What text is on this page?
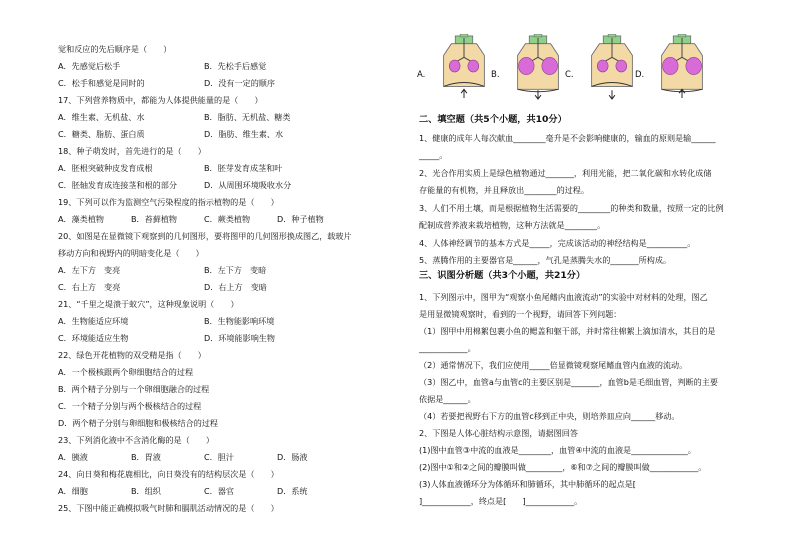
觉和反应的先后顺序是（　　）
17、下列营养物质中，都能为人体提供能量的是（　　）
18、种子萌发时，首先进行的是（　　）
19、下列可以作为监测空气污染程度的指示植物的是（　　）
20、如图是在显微镜下观察到的几何图形，要将图甲的几何图形换成图乙，载玻片
移动方向和视野内的明暗变化是（　　）
21、“千里之堤溃于蚁穴”，这种现象说明（　　）
22、绿色开花植物的双受精是指（　　）
23、下列消化液中不含消化酶的是（　　）
24、向日葵和梅花鹿相比，向日葵没有的结构层次是（　　）
25、下图中能正确模拟吸气时肺和膈肌活动情况的是（　　）
A．先感觉后松手	B．先松手后感觉
C．松手和感觉是同时的	D．没有一定的顺序
A．维生素、无机盐、水	B．脂肪、无机盐、糖类
C．糖类、脂肪、蛋白质	D．脂肪、维生素、水
A．胚根突破种皮发育成根	B．胚芽发育成茎和叶
C．胚轴发育成连接茎和根的部分	D．从周围环境吸收水分
A．藻类植物	B．苔藓植物	C．蕨类植物	D．种子植物
A．左下方　变亮	B．左下方　变暗
C．右上方　变亮	D．右上方　变暗
A．生物能适应环境	B．生物能影响环境
C．环境能适应生物	D．环境能影响生物
A．一个极核跟两个卵细胞结合的过程
B．两个精子分别与一个卵细胞融合的过程
C．一个精子分别与两个极核结合的过程
D．两个精子分别与卵细胞和极核结合的过程
A．胰液	B．胃液	C．胆汁	D．肠液
A．细胞	B．组织	C．器官	D．系统
A.	B.	C.	D.
二、填空题（共5个小题，共10分）
三、识图分析题（共3个小题，共21分）
1、健康的成年人每次献血________毫升是不会影响健康的，输血的原则是输______
_____。
2、光合作用实质上是绿色植物通过_______，利用光能，把二氧化碳和水转化成储
存能量的有机物，并且释放出________的过程。
3、人们不用土壤，而是根据植物生活需要的________的种类和数量，按照一定的比例
配制成营养液来栽培植物，这种方法就是________。
4、人体神经调节的基本方式是_____，完成该活动的神经结构是__________。
5、蒸腾作用的主要器官是______，气孔是蒸腾失水的_______所构成。
1、下列图示中，图甲为“观察小鱼尾鳍内血液流动”的实验中对材料的处理，图乙
是用显微镜观察时，看到的一个视野，请回答下列问题：
（1）图甲中用棉絮包裹小鱼的鳃盖和躯干部，并时常往棉絮上滴加清水，其目的是
____________。
（2）通常情况下，我们应使用_____倍显微镜观察尾鳍血管内血液的流动。
（3）图乙中，血管a与血管c的主要区别是_______，血管b是毛细血管，判断的主要
依据是______。
（4）若要把视野右下方的血管c移到正中央，则培养皿应向______移动。
2、下图是人体心脏结构示意图，请据图回答
(1)图中血管③中流的血液是________，血管④中流的血液是______________。
(2)图中①和②之间的瓣膜叫做_________，⑥和⑦之间的瓣膜叫做____________。
(3)人体血液循环分为体循环和肺循环，其中肺循环的起点是[
]____________，终点是[　　]____________。
